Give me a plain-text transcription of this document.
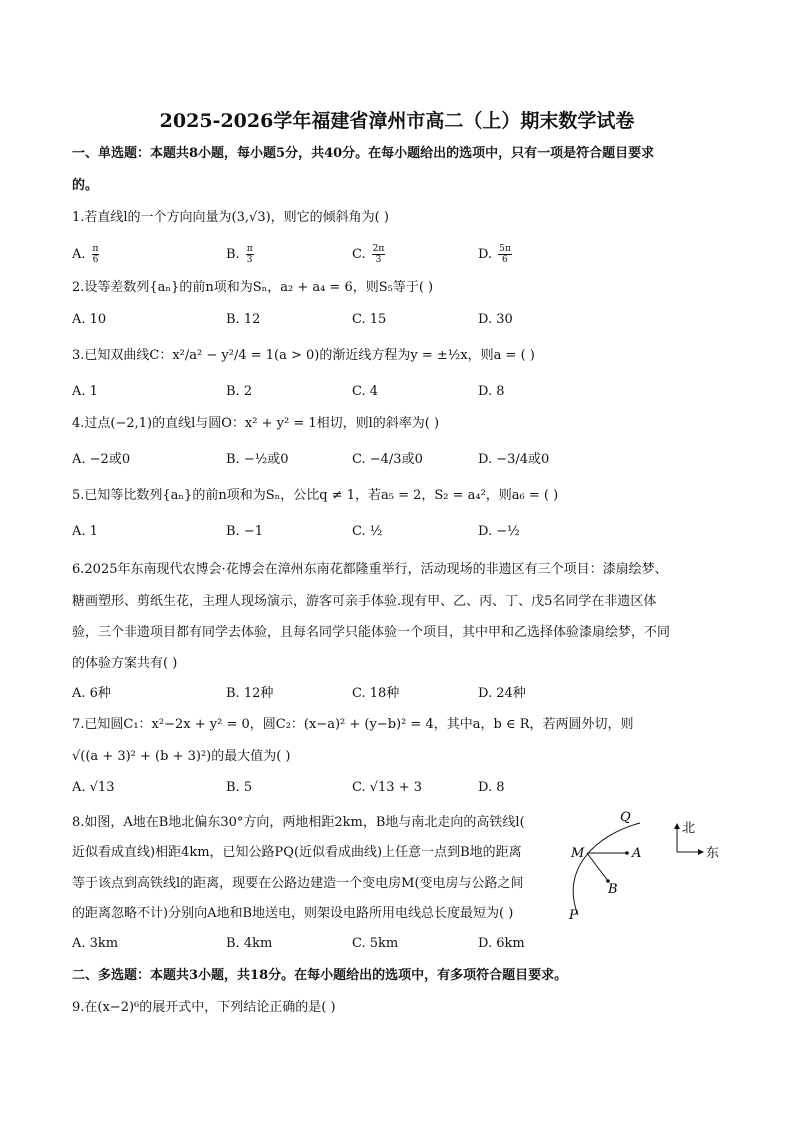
2025-2026学年福建省漳州市高二（上）期末数学试卷
一、单选题：本题共8小题，每小题5分，共40分。在每小题给出的选项中，只有一项是符合题目要求
的。
1.若直线l的一个方向向量为(3,√3)，则它的倾斜角为( )
A. $\frac{\pi}{6}$	B. $\frac{\pi}{3}$	C. $\frac{2\pi}{3}$	D. $\frac{5\pi}{6}$
2.设等差数列{aₙ}的前n项和为Sₙ，a₂ + a₄ = 6，则S₅等于( )
A. 10	B. 12	C. 15	D. 30
3.已知双曲线C：x²/a² − y²/4 = 1(a > 0)的渐近线方程为y = ±½x，则a = ( )
A. 1	B. 2	C. 4	D. 8
4.过点(−2,1)的直线l与圆O：x² + y² = 1相切，则l的斜率为( )
A. −2或0	B. −½或0	C. −4/3或0	D. −3/4或0
5.已知等比数列{aₙ}的前n项和为Sₙ，公比q ≠ 1，若a₅ = 2，S₂ = a₄²，则a₆ = ( )
A. 1	B. −1	C. ½	D. −½
6.2025年东南现代农博会·花博会在漳州东南花都隆重举行，活动现场的非遗区有三个项目：漆扇绘梦、
糖画塑形、剪纸生花，主理人现场演示，游客可亲手体验.现有甲、乙、丙、丁、戊5名同学在非遗区体
验，三个非遗项目都有同学去体验，且每名同学只能体验一个项目，其中甲和乙选择体验漆扇绘梦，不同
的体验方案共有( )
A. 6种	B. 12种	C. 18种	D. 24种
7.已知圆C₁：x²−2x + y² = 0，圆C₂：(x−a)² + (y−b)² = 4，其中a，b ∈ R，若两圆外切，则
√((a + 3)² + (b + 3)²)的最大值为( )
A. √13	B. 5	C. √13 + 3	D. 8
8.如图，A地在B地北偏东30°方向，两地相距2km，B地与南北走向的高铁线l(
近似看成直线)相距4km，已知公路PQ(近似看成曲线)上任意一点到B地的距离
等于该点到高铁线l的距离，现要在公路边建造一个变电房M(变电房与公路之间
的距离忽略不计)分别向A地和B地送电，则架设电路所用电线总长度最短为( )
A. 3km	B. 4km	C. 5km	D. 6km
Q
M	A
B
P
北
东
二、多选题：本题共3小题，共18分。在每小题给出的选项中，有多项符合题目要求。
9.在(x−2)⁶的展开式中，下列结论正确的是( )
